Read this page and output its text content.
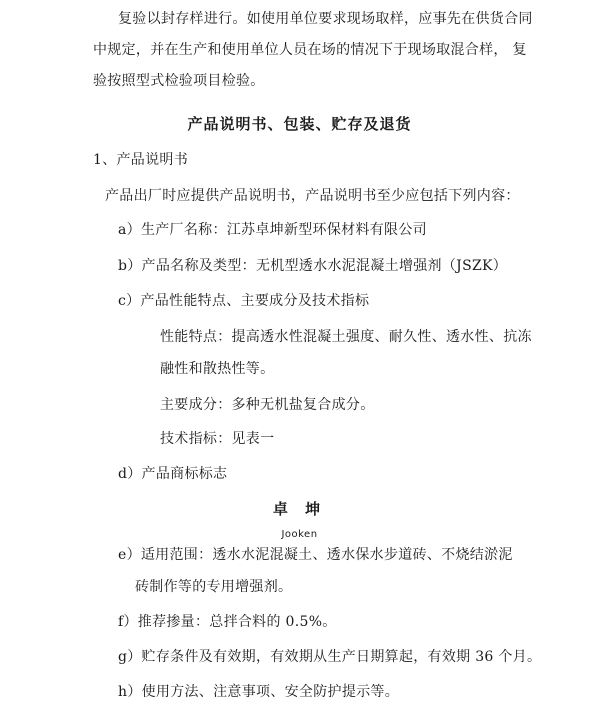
复验以封存样进行。如使用单位要求现场取样，应事先在供货合同
中规定，并在生产和使用单位人员在场的情况下于现场取混合样， 复
验按照型式检验项目检验。
产品说明书、包装、贮存及退货
1、产品说明书
产品出厂时应提供产品说明书，产品说明书至少应包括下列内容：
a）生产厂名称：江苏卓坤新型环保材料有限公司
b）产品名称及类型：无机型透水水泥混凝土增强剂（JSZK）
c）产品性能特点、主要成分及技术指标
性能特点：提高透水性混凝土强度、耐久性、透水性、抗冻
融性和散热性等。
主要成分：多种无机盐复合成分。
技术指标：见表一
d）产品商标标志
卓 坤
Jooken
e）适用范围：透水水泥混凝土、透水保水步道砖、不烧结淤泥
砖制作等的专用增强剂。
f）推荐掺量：总拌合料的 0.5%。
g）贮存条件及有效期，有效期从生产日期算起，有效期 36 个月。
h）使用方法、注意事项、安全防护提示等。
